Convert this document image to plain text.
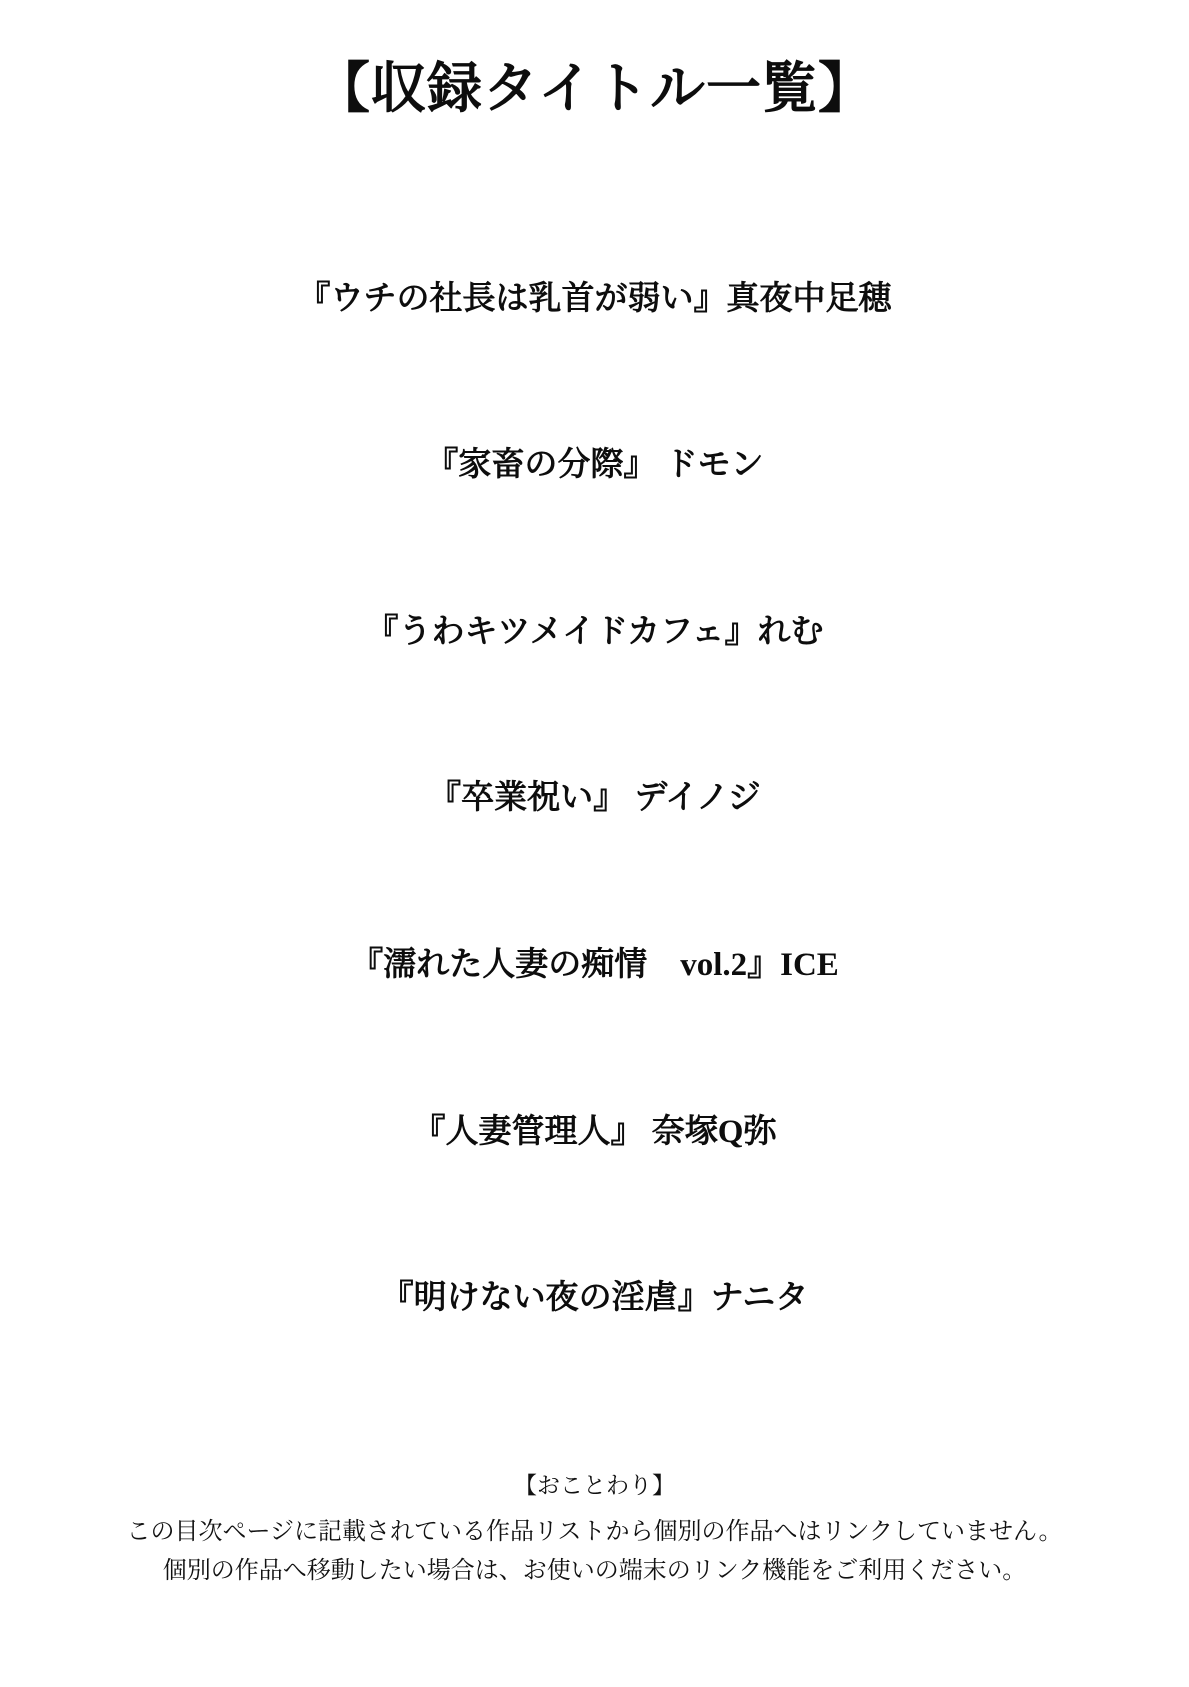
【収録タイトル一覧】
『ウチの社長は乳首が弱い』真夜中足穂
『家畜の分際』 ドモン
『うわキツメイドカフェ』れむ
『卒業祝い』 デイノジ
『濡れた人妻の痴情　vol.2』ICE
『人妻管理人』 奈塚Q弥
『明けない夜の淫虐』ナニタ
【おことわり】
この目次ページに記載されている作品リストから個別の作品へはリンクしていません。
個別の作品へ移動したい場合は、お使いの端末のリンク機能をご利用ください。
